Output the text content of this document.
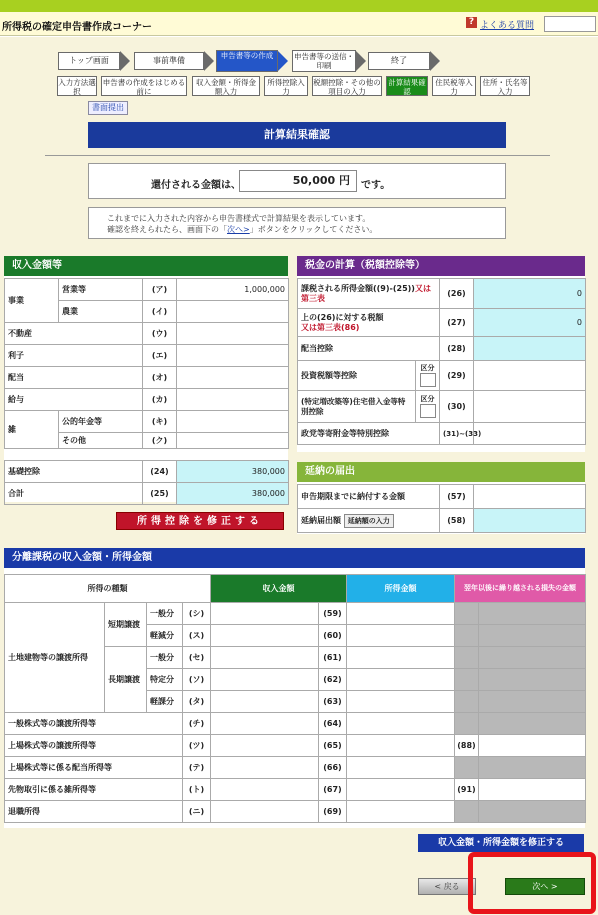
所得税の確定申告書作成コーナー	? よくある質問
トップ画面	事前準備
申告書等の作成	申告書等の送信・印刷
終了
入力方法選択
申告書の作成をはじめる前に
収入金額・所得金額入力
所得控除入力
税額控除・その他の項目の入力
計算結果確認
住民税等入力
住所・氏名等入力
書面提出
計算結果確認
還付される金額は、	50,000 円	です。
これまでに入力された内容から申告書様式で計算結果を表示しています。
確認を終えられたら、画面下の「次へ>」ボタンをクリックしてください。
収入金額等
事業	営業等	(ア)	1,000,000
	農業	(イ)	
不動産		(ウ)	
利子		(エ)	
配当		(オ)	
給与		(カ)	
雑	公的年金等	(キ)	
	その他	(ク)	
基礎控除	(24)	380,000
合計	(25)	380,000
所得控除を修正する
税金の計算（税額控除等）
課税される所得金額((9)-(25))又は第三表		(26)	0
上の(26)に対する税額
又は第三表(86)		(27)	0
配当控除		(28)	
投資税額等控除	区分	(29)	
(特定増改築等)住宅借入金等特別控除	区分	(30)	
政党等寄附金等特別控除		(31)~(33)	
延納の届出
申告期限までに納付する金額	(57)	
延納届出額 延納額の入力	(58)	
分離課税の収入金額・所得金額
所得の種類				収入金額		所得金額	翌年以後に繰り越される損失の金額	
土地建物等の譲渡所得	短期譲渡	一般分	(シ)		(59)			
		軽減分	(ス)		(60)			
	長期譲渡	一般分	(セ)		(61)			
		特定分	(ソ)		(62)			
		軽課分	(タ)		(63)			
一般株式等の譲渡所得等			(チ)		(64)			
上場株式等の譲渡所得等			(ツ)		(65)		(88)	
上場株式等に係る配当所得等			(テ)		(66)			
先物取引に係る雑所得等			(ト)		(67)		(91)	
退職所得			(ニ)		(69)			
収入金額・所得金額を修正する
< 戻る	次へ >
